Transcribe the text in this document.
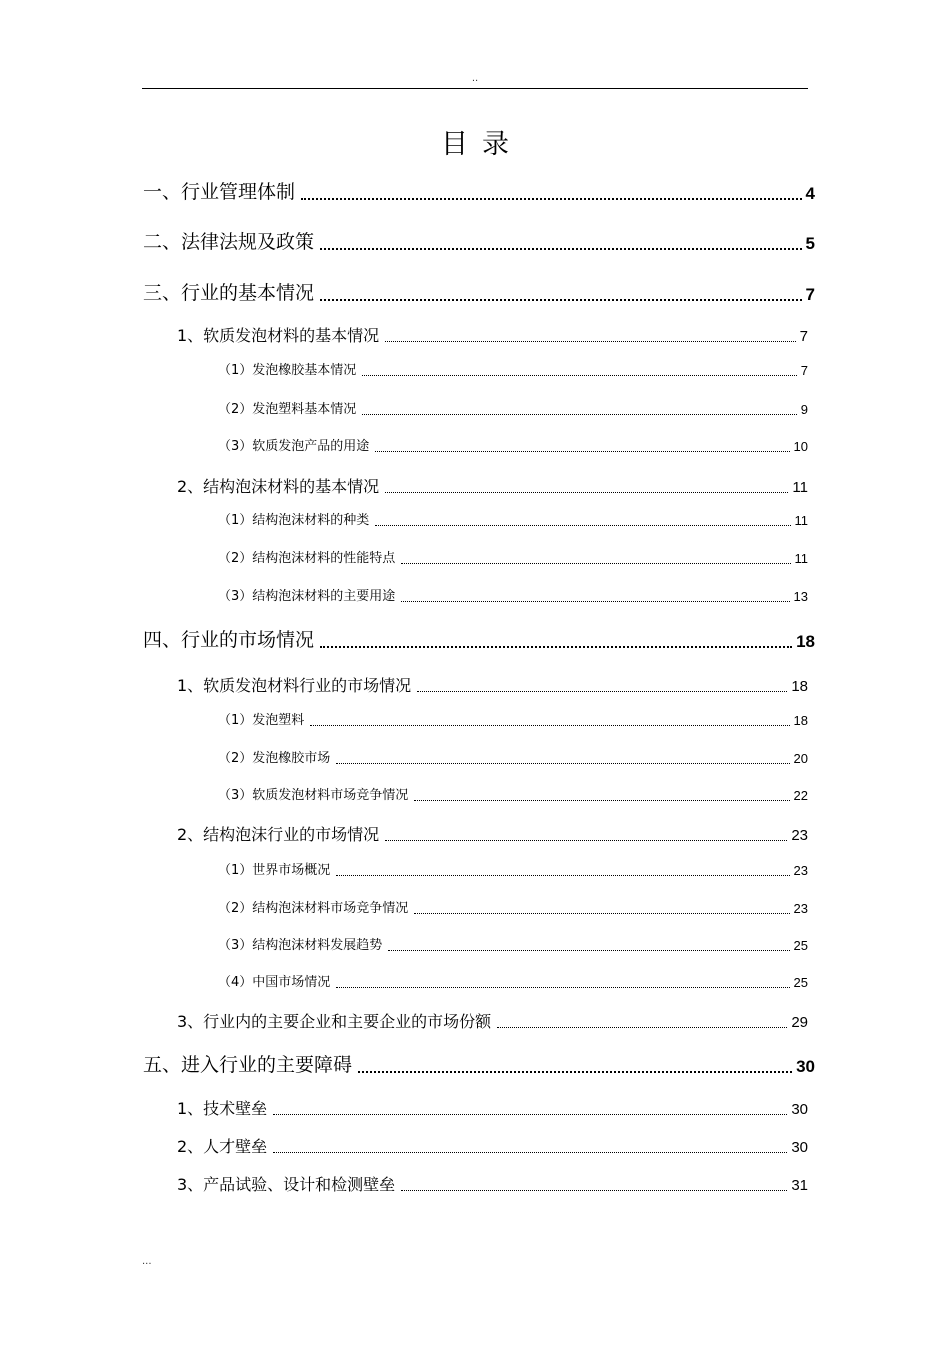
..
目录
一、行业管理体制	4
二、法律法规及政策	5
三、行业的基本情况	7
1、软质发泡材料的基本情况	7
（1）发泡橡胶基本情况	7
（2）发泡塑料基本情况	9
（3）软质发泡产品的用途	10
2、结构泡沫材料的基本情况	11
（1）结构泡沫材料的种类	11
（2）结构泡沫材料的性能特点	11
（3）结构泡沫材料的主要用途	13
四、行业的市场情况	18
1、软质发泡材料行业的市场情况	18
（1）发泡塑料	18
（2）发泡橡胶市场	20
（3）软质发泡材料市场竞争情况	22
2、结构泡沫行业的市场情况	23
（1）世界市场概况	23
（2）结构泡沫材料市场竞争情况	23
（3）结构泡沫材料发展趋势	25
（4）中国市场情况	25
3、行业内的主要企业和主要企业的市场份额	29
五、进入行业的主要障碍	30
1、技术壁垒	30
2、人才壁垒	30
3、产品试验、设计和检测壁垒	31
...
